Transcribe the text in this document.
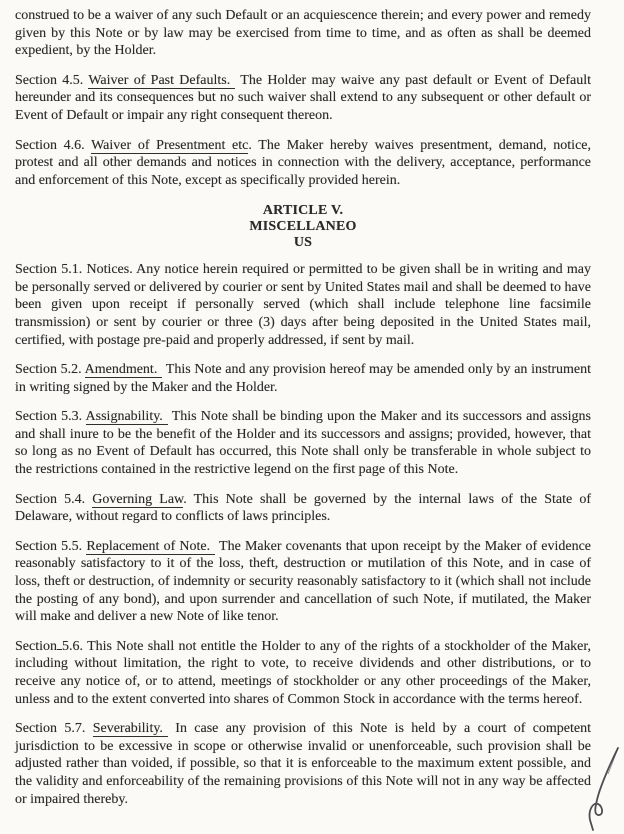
construed to be a waiver of any such Default or an acquiescence therein; and every power and remedy given by this Note or by law may be exercised from time to time, and as often as shall be deemed expedient, by the Holder.

Section 4.5. Waiver of Past Defaults. The Holder may waive any past default or Event of Default hereunder and its consequences but no such waiver shall extend to any subsequent or other default or Event of Default or impair any right consequent thereon.

Section 4.6. Waiver of Presentment etc. The Maker hereby waives presentment, demand, notice, protest and all other demands and notices in connection with the delivery, acceptance, performance and enforcement of this Note, except as specifically provided herein.

ARTICLE V.
MISCELLANEO
US

Section 5.1. Notices. Any notice herein required or permitted to be given shall be in writing and may be personally served or delivered by courier or sent by United States mail and shall be deemed to have been given upon receipt if personally served (which shall include telephone line facsimile transmission) or sent by courier or three (3) days after being deposited in the United States mail, certified, with postage pre-paid and properly addressed, if sent by mail.

Section 5.2. Amendment. This Note and any provision hereof may be amended only by an instrument in writing signed by the Maker and the Holder.

Section 5.3. Assignability. This Note shall be binding upon the Maker and its successors and assigns and shall inure to be the benefit of the Holder and its successors and assigns; provided, however, that so long as no Event of Default has occurred, this Note shall only be transferable in whole subject to the restrictions contained in the restrictive legend on the first page of this Note.

Section 5.4. Governing Law. This Note shall be governed by the internal laws of the State of Delaware, without regard to conflicts of laws principles.

Section 5.5. Replacement of Note. The Maker covenants that upon receipt by the Maker of evidence reasonably satisfactory to it of the loss, theft, destruction or mutilation of this Note, and in case of loss, theft or destruction, of indemnity or security reasonably satisfactory to it (which shall not include the posting of any bond), and upon surrender and cancellation of such Note, if mutilated, the Maker will make and deliver a new Note of like tenor.

Section 5.6. This Note shall not entitle the Holder to any of the rights of a stockholder of the Maker, including without limitation, the right to vote, to receive dividends and other distributions, or to receive any notice of, or to attend, meetings of stockholder or any other proceedings of the Maker, unless and to the extent converted into shares of Common Stock in accordance with the terms hereof.

Section 5.7. Severability. In case any provision of this Note is held by a court of competent jurisdiction to be excessive in scope or otherwise invalid or unenforceable, such provision shall be adjusted rather than voided, if possible, so that it is enforceable to the maximum extent possible, and the validity and enforceability of the remaining provisions of this Note will not in any way be affected or impaired thereby.
